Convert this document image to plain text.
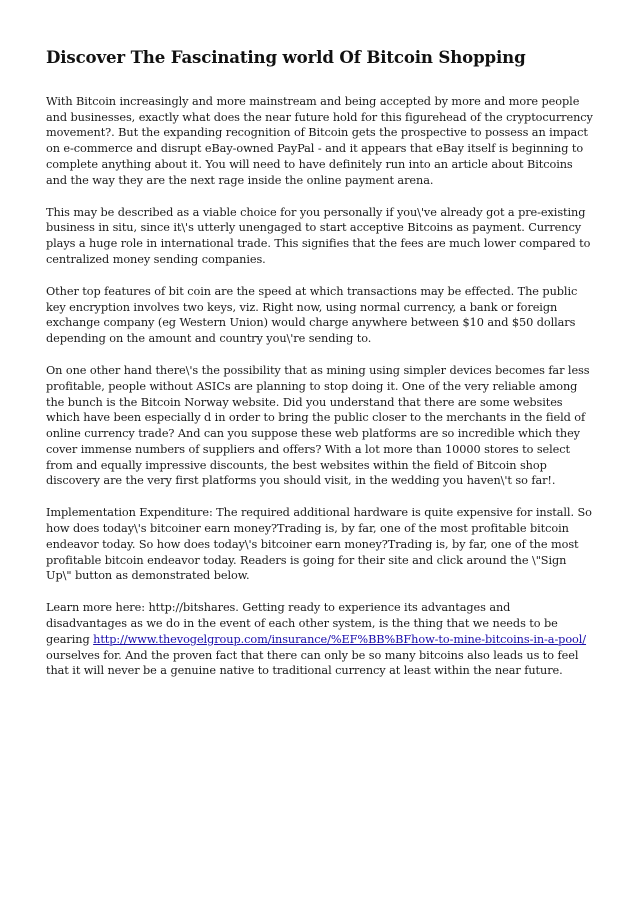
Discover The Fascinating world Of Bitcoin Shopping

With Bitcoin increasingly and more mainstream and being accepted by more and more people and businesses, exactly what does the near future hold for this figurehead of the cryptocurrency movement?. But the expanding recognition of Bitcoin gets the prospective to possess an impact on e-commerce and disrupt eBay-owned PayPal - and it appears that eBay itself is beginning to complete anything about it. You will need to have definitely run into an article about Bitcoins and the way they are the next rage inside the online payment arena.

This may be described as a viable choice for you personally if you\'ve already got a pre-existing business in situ, since it\'s utterly unengaged to start acceptive Bitcoins as payment. Currency plays a huge role in international trade. This signifies that the fees are much lower compared to centralized money sending companies.

Other top features of bit coin are the speed at which transactions may be effected. The public key encryption involves two keys, viz. Right now, using normal currency, a bank or foreign exchange company (eg Western Union) would charge anywhere between $10 and $50 dollars depending on the amount and country you\'re sending to.

On one other hand there\'s the possibility that as mining using simpler devices becomes far less profitable, people without ASICs are planning to stop doing it. One of the very reliable among the bunch is the Bitcoin Norway website. Did you understand that there are some websites which have been especially d in order to bring the public closer to the merchants in the field of online currency trade? And can you suppose these web platforms are so incredible which they cover immense numbers of suppliers and offers? With a lot more than 10000 stores to select from and equally impressive discounts, the best websites within the field of Bitcoin shop discovery are the very first platforms you should visit, in the wedding you haven\'t so far!.

Implementation Expenditure: The required additional hardware is quite expensive for install. So how does today\'s bitcoiner earn money?Trading is, by far, one of the most profitable bitcoin endeavor today. So how does today\'s bitcoiner earn money?Trading is, by far, one of the most profitable bitcoin endeavor today. Readers is going for their site and click around the \"Sign Up\" button as demonstrated below.

Learn more here: http://bitshares. Getting ready to experience its advantages and disadvantages as we do in the event of each other system, is the thing that we needs to be gearing http://www.thevogelgroup.com/insurance/%EF%BB%BFhow-to-mine-bitcoins-in-a-pool/ ourselves for. And the proven fact that there can only be so many bitcoins also leads us to feel that it will never be a genuine native to traditional currency at least within the near future.
